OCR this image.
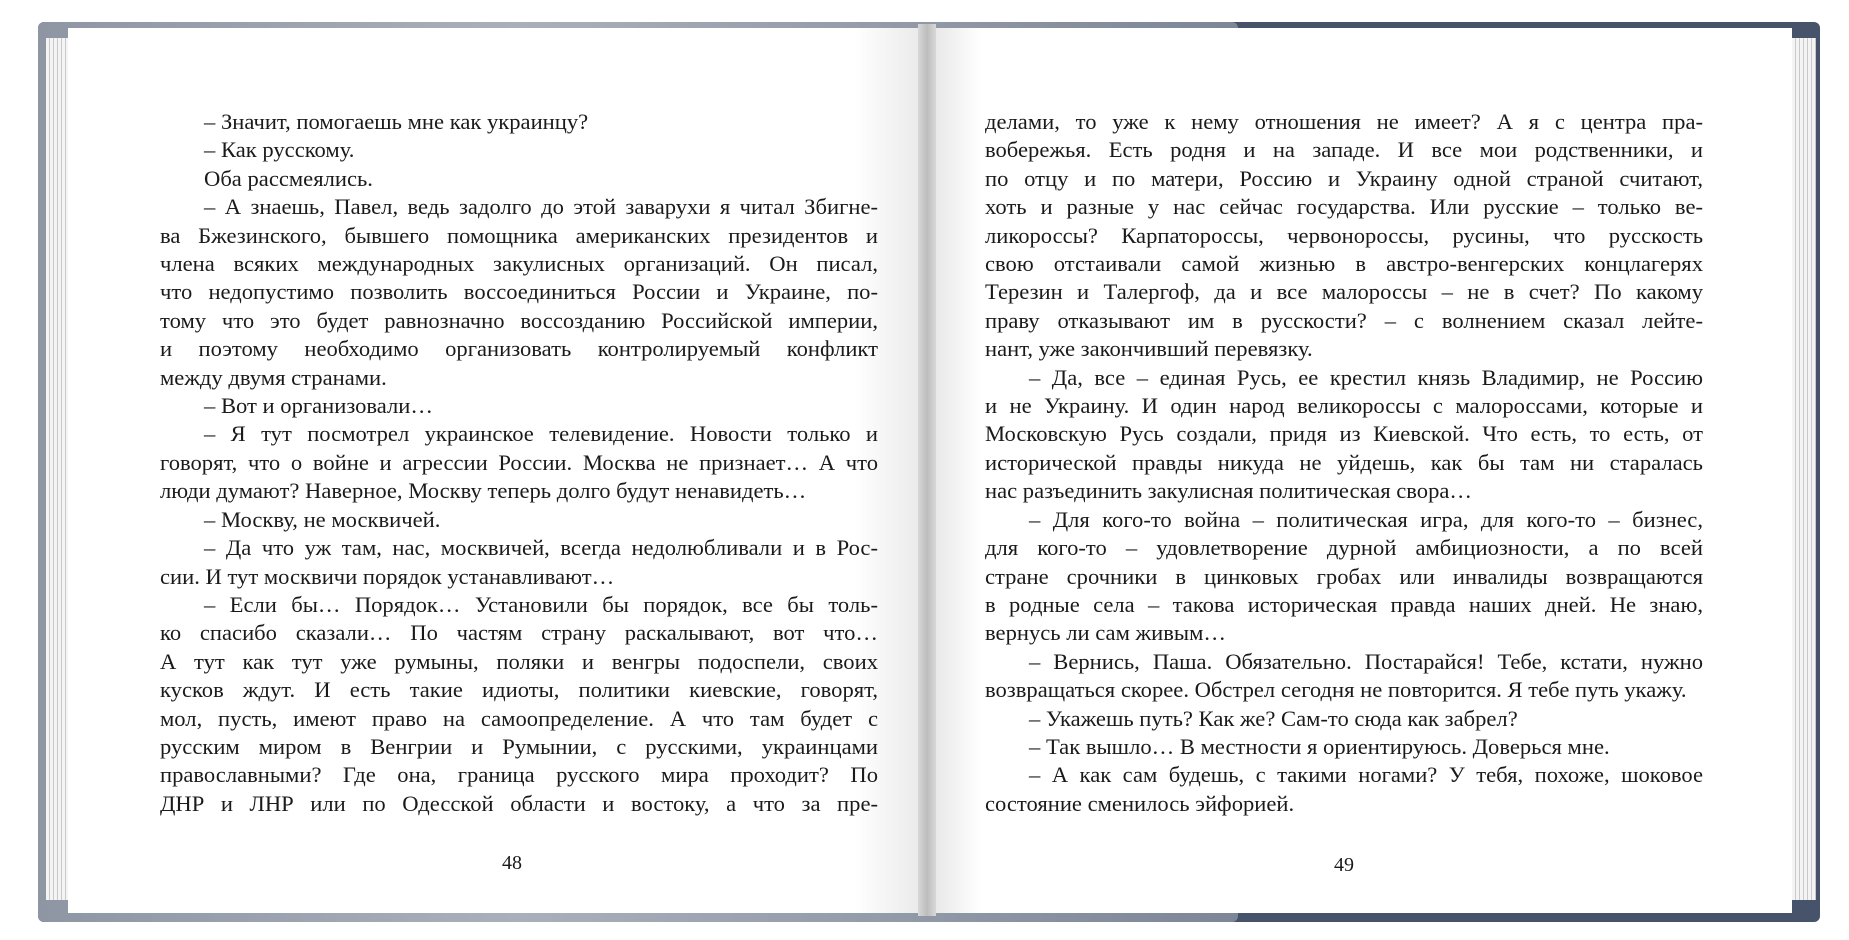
– Значит, помогаешь мне как украинцу?
– Как русскому.
Оба рассмеялись.
– А знаешь, Павел, ведь задолго до этой заварухи я читал Збигне-
ва Бжезинского, бывшего помощника американских президентов и
члена всяких международных закулисных организаций. Он писал,
что недопустимо позволить воссоединиться России и Украине, по-
тому что это будет равнозначно воссозданию Российской империи,
и поэтому необходимо организовать контролируемый конфликт
между двумя странами.
– Вот и организовали…
– Я тут посмотрел украинское телевидение. Новости только и
говорят, что о войне и агрессии России. Москва не признает… А что
люди думают? Наверное, Москву теперь долго будут ненавидеть…
– Москву, не москвичей.
– Да что уж там, нас, москвичей, всегда недолюбливали и в Рос-
сии. И тут москвичи порядок устанавливают…
– Если бы… Порядок… Установили бы порядок, все бы толь-
ко спасибо сказали… По частям страну раскалывают, вот что…
А тут как тут уже румыны, поляки и венгры подоспели, своих
кусков ждут. И есть такие идиоты, политики киевские, говорят,
мол, пусть, имеют право на самоопределение. А что там будет с
русским миром в Венгрии и Румынии, с русскими, украинцами
православными? Где она, граница русского мира проходит? По
ДНР и ЛНР или по Одесской области и востоку, а что за пре-
делами, то уже к нему отношения не имеет? А я с центра пра-
вобережья. Есть родня и на западе. И все мои родственники, и
по отцу и по матери, Россию и Украину одной страной считают,
хоть и разные у нас сейчас государства. Или русские – только ве-
ликороссы? Карпатороссы, червонороссы, русины, что русскость
свою отстаивали самой жизнью в австро-венгерских концлагерях
Терезин и Талергоф, да и все малороссы – не в счет? По какому
праву отказывают им в русскости? – с волнением сказал лейте-
нант, уже закончивший перевязку.
– Да, все – единая Русь, ее крестил князь Владимир, не Россию
и не Украину. И один народ великороссы с малороссами, которые и
Московскую Русь создали, придя из Киевской. Что есть, то есть, от
исторической правды никуда не уйдешь, как бы там ни старалась
нас разъединить закулисная политическая свора…
– Для кого-то война – политическая игра, для кого-то – бизнес,
для кого-то – удовлетворение дурной амбициозности, а по всей
стране срочники в цинковых гробах или инвалиды возвращаются
в родные села – такова историческая правда наших дней. Не знаю,
вернусь ли сам живым…
– Вернись, Паша. Обязательно. Постарайся! Тебе, кстати, нужно
возвращаться скорее. Обстрел сегодня не повторится. Я тебе путь укажу.
– Укажешь путь? Как же? Сам-то сюда как забрел?
– Так вышло… В местности я ориентируюсь. Доверься мне.
– А как сам будешь, с такими ногами? У тебя, похоже, шоковое
состояние сменилось эйфорией.
48	49
